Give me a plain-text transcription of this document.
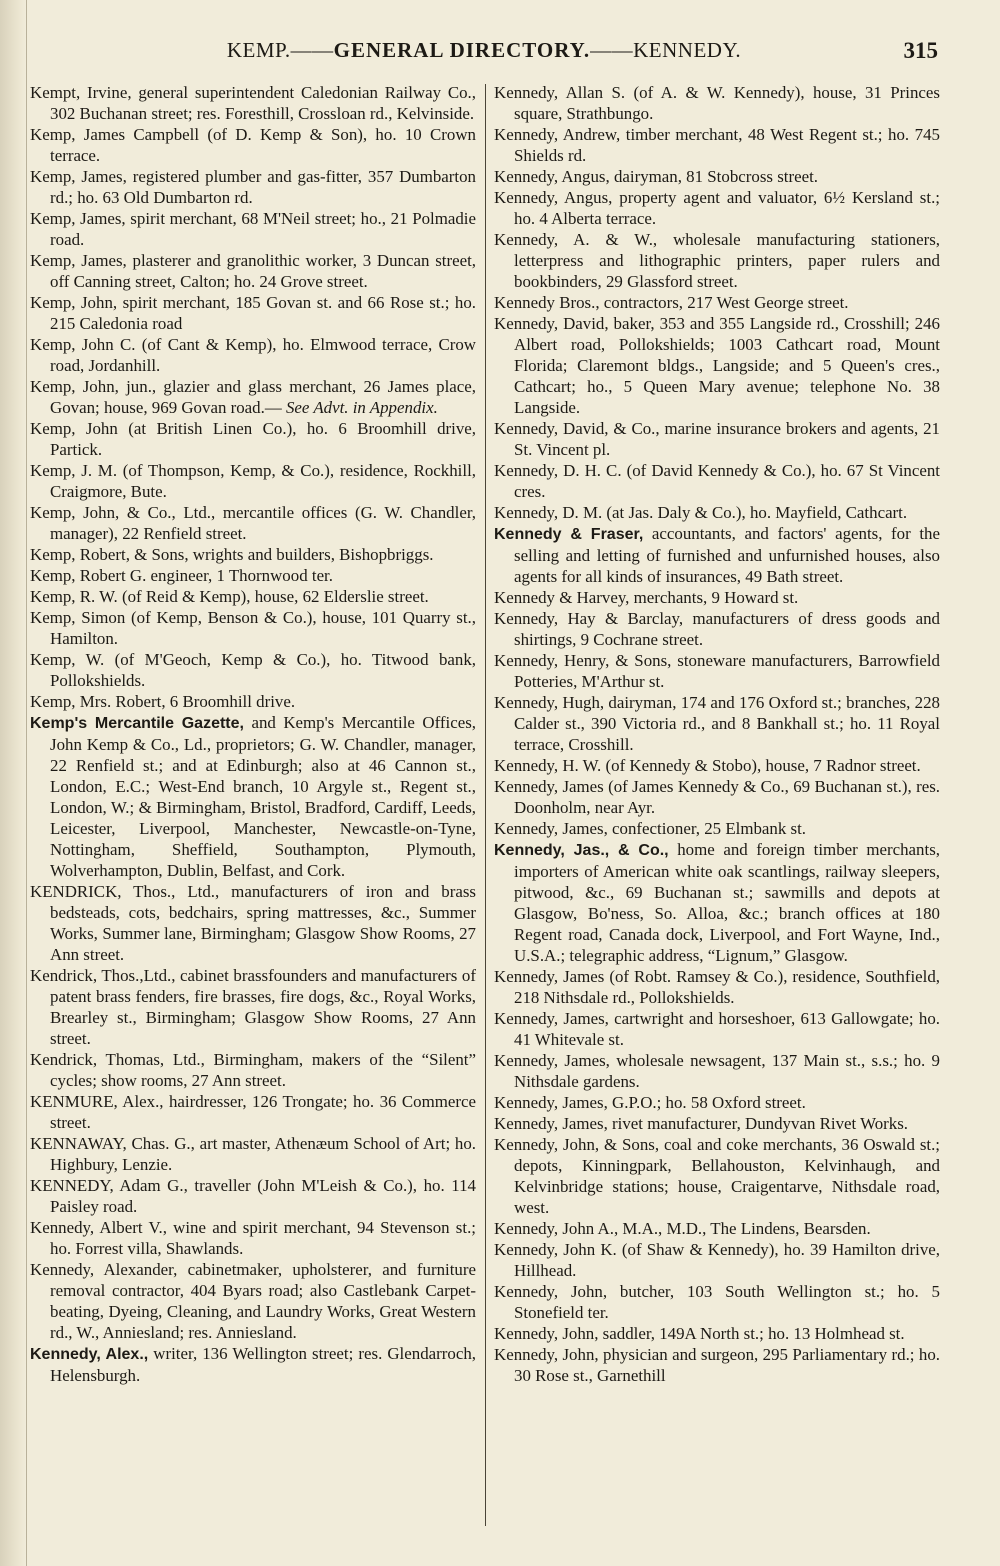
KEMP.——GENERAL DIRECTORY.——KENNEDY.	315

Kempt, Irvine, general superintendent Caledonian Railway Co., 302 Buchanan street; res. Foresthill, Crossloan rd., Kelvinside.

Kemp, James Campbell (of D. Kemp & Son), ho. 10 Crown terrace.

Kemp, James, registered plumber and gas-fitter, 357 Dumbarton rd.; ho. 63 Old Dumbarton rd.

Kemp, James, spirit merchant, 68 M'Neil street; ho., 21 Polmadie road.

Kemp, James, plasterer and granolithic worker, 3 Duncan street, off Canning street, Calton; ho. 24 Grove street.

Kemp, John, spirit merchant, 185 Govan st. and 66 Rose st.; ho. 215 Caledonia road

Kemp, John C. (of Cant & Kemp), ho. Elmwood terrace, Crow road, Jordanhill.

Kemp, John, jun., glazier and glass merchant, 26 James place, Govan; house, 969 Govan road.— See Advt. in Appendix.

Kemp, John (at British Linen Co.), ho. 6 Broomhill drive, Partick.

Kemp, J. M. (of Thompson, Kemp, & Co.), residence, Rockhill, Craigmore, Bute.

Kemp, John, & Co., Ltd., mercantile offices (G. W. Chandler, manager), 22 Renfield street.

Kemp, Robert, & Sons, wrights and builders, Bishopbriggs.

Kemp, Robert G. engineer, 1 Thornwood ter.

Kemp, R. W. (of Reid & Kemp), house, 62 Elderslie street.

Kemp, Simon (of Kemp, Benson & Co.), house, 101 Quarry st., Hamilton.

Kemp, W. (of M'Geoch, Kemp & Co.), ho. Titwood bank, Pollokshields.

Kemp, Mrs. Robert, 6 Broomhill drive.

Kemp's Mercantile Gazette, and Kemp's Mercantile Offices, John Kemp & Co., Ld., proprietors; G. W. Chandler, manager, 22 Renfield st.; and at Edinburgh; also at 46 Cannon st., London, E.C.; West-End branch, 10 Argyle st., Regent st., London, W.; & Birmingham, Bristol, Bradford, Cardiff, Leeds, Leicester, Liverpool, Manchester, Newcastle-on-Tyne, Nottingham, Sheffield, Southampton, Plymouth, Wolverhampton, Dublin, Belfast, and Cork.

KENDRICK, Thos., Ltd., manufacturers of iron and brass bedsteads, cots, bedchairs, spring mattresses, &c., Summer Works, Summer lane, Birmingham; Glasgow Show Rooms, 27 Ann street.

Kendrick, Thos.,Ltd., cabinet brassfounders and manufacturers of patent brass fenders, fire brasses, fire dogs, &c., Royal Works, Brearley st., Birmingham; Glasgow Show Rooms, 27 Ann street.

Kendrick, Thomas, Ltd., Birmingham, makers of the “Silent” cycles; show rooms, 27 Ann street.

KENMURE, Alex., hairdresser, 126 Trongate; ho. 36 Commerce street.

KENNAWAY, Chas. G., art master, Athenæum School of Art; ho. Highbury, Lenzie.

KENNEDY, Adam G., traveller (John M'Leish & Co.), ho. 114 Paisley road.

Kennedy, Albert V., wine and spirit merchant, 94 Stevenson st.; ho. Forrest villa, Shawlands.

Kennedy, Alexander, cabinetmaker, upholsterer, and furniture removal contractor, 404 Byars road; also Castlebank Carpet-beating, Dyeing, Cleaning, and Laundry Works, Great Western rd., W., Anniesland; res. Anniesland.

Kennedy, Alex., writer, 136 Wellington street; res. Glendarroch, Helensburgh.

Kennedy, Allan S. (of A. & W. Kennedy), house, 31 Princes square, Strathbungo.

Kennedy, Andrew, timber merchant, 48 West Regent st.; ho. 745 Shields rd.

Kennedy, Angus, dairyman, 81 Stobcross street.

Kennedy, Angus, property agent and valuator, 6½ Kersland st.; ho. 4 Alberta terrace.

Kennedy, A. & W., wholesale manufacturing stationers, letterpress and lithographic printers, paper rulers and bookbinders, 29 Glassford street.

Kennedy Bros., contractors, 217 West George street.

Kennedy, David, baker, 353 and 355 Langside rd., Crosshill; 246 Albert road, Pollokshields; 1003 Cathcart road, Mount Florida; Claremont bldgs., Langside; and 5 Queen's cres., Cathcart; ho., 5 Queen Mary avenue; telephone No. 38 Langside.

Kennedy, David, & Co., marine insurance brokers and agents, 21 St. Vincent pl.

Kennedy, D. H. C. (of David Kennedy & Co.), ho. 67 St Vincent cres.

Kennedy, D. M. (at Jas. Daly & Co.), ho. Mayfield, Cathcart.

Kennedy & Fraser, accountants, and factors' agents, for the selling and letting of furnished and unfurnished houses, also agents for all kinds of insurances, 49 Bath street.

Kennedy & Harvey, merchants, 9 Howard st.

Kennedy, Hay & Barclay, manufacturers of dress goods and shirtings, 9 Cochrane street.

Kennedy, Henry, & Sons, stoneware manufacturers, Barrowfield Potteries, M'Arthur st.

Kennedy, Hugh, dairyman, 174 and 176 Oxford st.; branches, 228 Calder st., 390 Victoria rd., and 8 Bankhall st.; ho. 11 Royal terrace, Crosshill.

Kennedy, H. W. (of Kennedy & Stobo), house, 7 Radnor street.

Kennedy, James (of James Kennedy & Co., 69 Buchanan st.), res. Doonholm, near Ayr.

Kennedy, James, confectioner, 25 Elmbank st.

Kennedy, Jas., & Co., home and foreign timber merchants, importers of American white oak scantlings, railway sleepers, pitwood, &c., 69 Buchanan st.; sawmills and depots at Glasgow, Bo'ness, So. Alloa, &c.; branch offices at 180 Regent road, Canada dock, Liverpool, and Fort Wayne, Ind., U.S.A.; telegraphic address, “Lignum,” Glasgow.

Kennedy, James (of Robt. Ramsey & Co.), residence, Southfield, 218 Nithsdale rd., Pollokshields.

Kennedy, James, cartwright and horseshoer, 613 Gallowgate; ho. 41 Whitevale st.

Kennedy, James, wholesale newsagent, 137 Main st., s.s.; ho. 9 Nithsdale gardens.

Kennedy, James, G.P.O.; ho. 58 Oxford street.

Kennedy, James, rivet manufacturer, Dundyvan Rivet Works.

Kennedy, John, & Sons, coal and coke merchants, 36 Oswald st.; depots, Kinningpark, Bellahouston, Kelvinhaugh, and Kelvinbridge stations; house, Craigentarve, Nithsdale road, west.

Kennedy, John A., M.A., M.D., The Lindens, Bearsden.

Kennedy, John K. (of Shaw & Kennedy), ho. 39 Hamilton drive, Hillhead.

Kennedy, John, butcher, 103 South Wellington st.; ho. 5 Stonefield ter.

Kennedy, John, saddler, 149A North st.; ho. 13 Holmhead st.

Kennedy, John, physician and surgeon, 295 Parliamentary rd.; ho. 30 Rose st., Garnethill
